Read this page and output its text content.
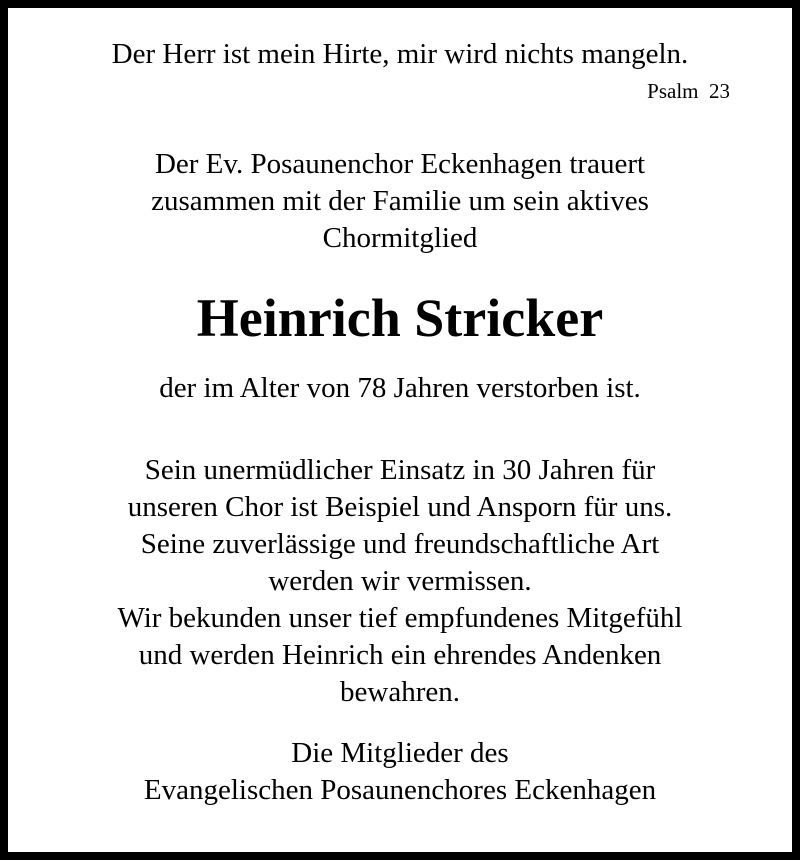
Der Herr ist mein Hirte, mir wird nichts mangeln.
Psalm  23
Der Ev. Posaunenchor Eckenhagen trauert
zusammen mit der Familie um sein aktives
Chormitglied
Heinrich Stricker
der im Alter von 78 Jahren verstorben ist.
Sein unermüdlicher Einsatz in 30 Jahren für
unseren Chor ist Beispiel und Ansporn für uns.
Seine zuverlässige und freundschaftliche Art
werden wir vermissen.
Wir bekunden unser tief empfundenes Mitgefühl
und werden Heinrich ein ehrendes Andenken
bewahren.
Die Mitglieder des
Evangelischen Posaunenchores Eckenhagen
